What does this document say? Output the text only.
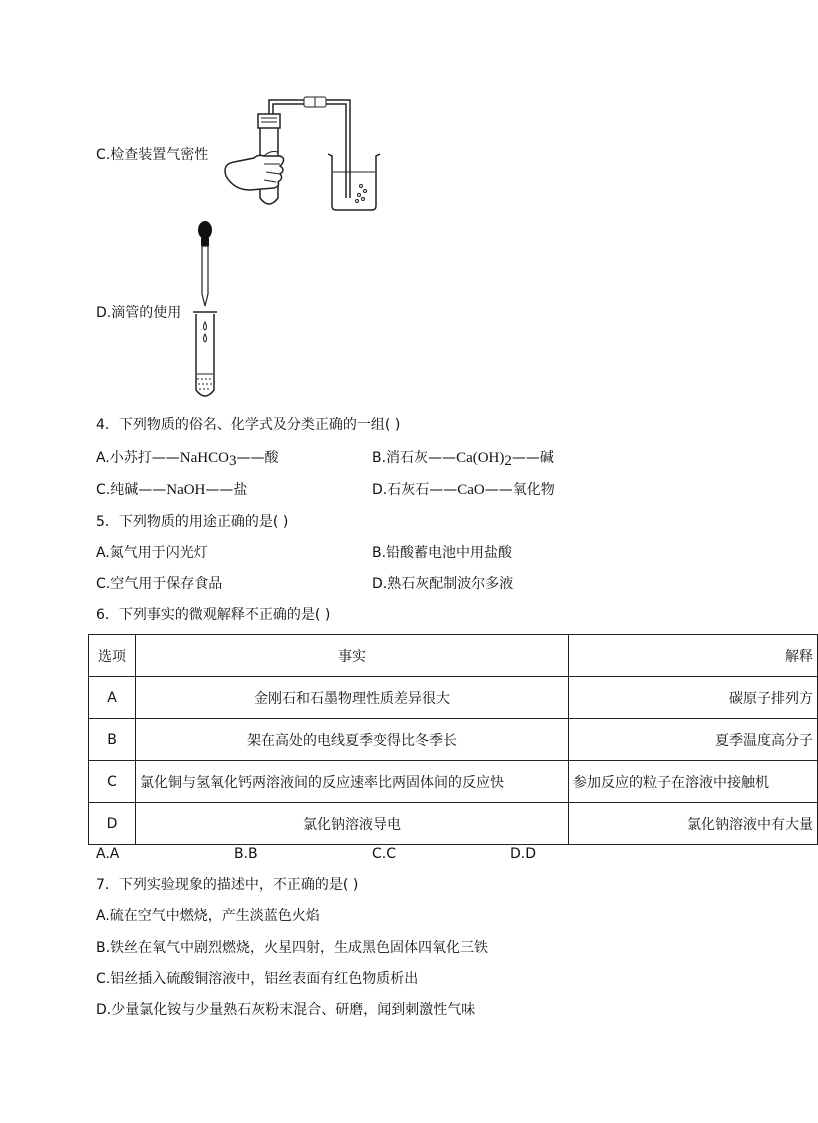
C.检查装置气密性
D.滴管的使用
4．下列物质的俗名、化学式及分类正确的一组( )
A.小苏打——NaHCO3——酸	B.消石灰——Ca(OH)2——碱
C.纯碱——NaOH——盐	D.石灰石——CaO——氧化物
5．下列物质的用途正确的是( )
A.氮气用于闪光灯	B.铅酸蓄电池中用盐酸
C.空气用于保存食品	D.熟石灰配制波尔多液
6．下列事实的微观解释不正确的是( )
选项	事实	解释
A	金刚石和石墨物理性质差异很大	碳原子排列方
B	架在高处的电线夏季变得比冬季长	夏季温度高分子
C	氯化铜与氢氧化钙两溶液间的反应速率比两固体间的反应快	参加反应的粒子在溶液中接触机
D	氯化钠溶液导电	氯化钠溶液中有大量
A.A	B.B	C.C	D.D
7．下列实验现象的描述中，不正确的是( )
A.硫在空气中燃烧，产生淡蓝色火焰
B.铁丝在氧气中剧烈燃烧，火星四射，生成黑色固体四氧化三铁
C.铝丝插入硫酸铜溶液中，铝丝表面有红色物质析出
D.少量氯化铵与少量熟石灰粉末混合、研磨，闻到刺激性气味
